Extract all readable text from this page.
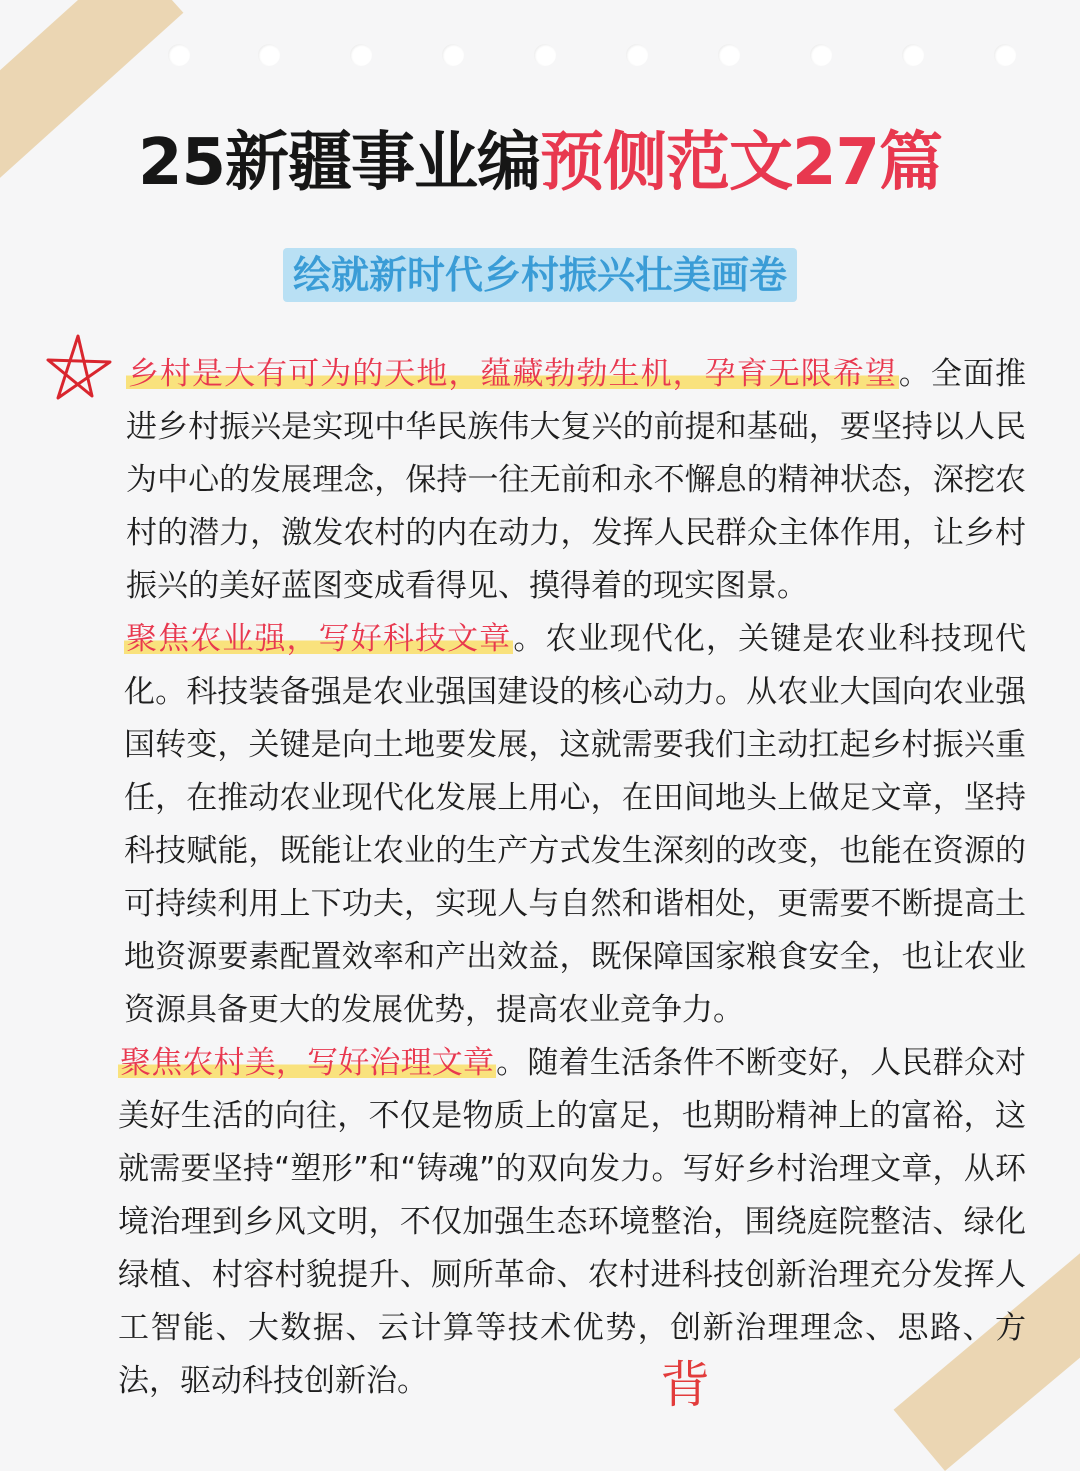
25新疆事业编预侧范文27篇
绘就新时代乡村振兴壮美画卷

乡村是大有可为的天地，蕴藏勃勃生机，孕育无限希望。全面推进乡村振兴是实现中华民族伟大复兴的前提和基础，要坚持以人民为中心的发展理念，保持一往无前和永不懈息的精神状态，深挖农村的潜力，激发农村的内在动力，发挥人民群众主体作用，让乡村振兴的美好蓝图变成看得见、摸得着的现实图景。

聚焦农业强，写好科技文章。农业现代化，关键是农业科技现代化。科技装备强是农业强国建设的核心动力。从农业大国向农业强国转变，关键是向土地要发展，这就需要我们主动扛起乡村振兴重任，在推动农业现代化发展上用心，在田间地头上做足文章，坚持科技赋能，既能让农业的生产方式发生深刻的改变，也能在资源的可持续利用上下功夫，实现人与自然和谐相处，更需要不断提高土地资源要素配置效率和产出效益，既保障国家粮食安全，也让农业资源具备更大的发展优势，提高农业竞争力。

聚焦农村美，写好治理文章。随着生活条件不断变好，人民群众对美好生活的向往，不仅是物质上的富足，也期盼精神上的富裕，这就需要坚持“塑形”和“铸魂”的双向发力。写好乡村治理文章，从环境治理到乡风文明，不仅加强生态环境整治，围绕庭院整洁、绿化绿植、村容村貌提升、厕所革命、农村进科技创新治理充分发挥人工智能、大数据、云计算等技术优势，创新治理理念、思路、方法，驱动科技创新治。	背
